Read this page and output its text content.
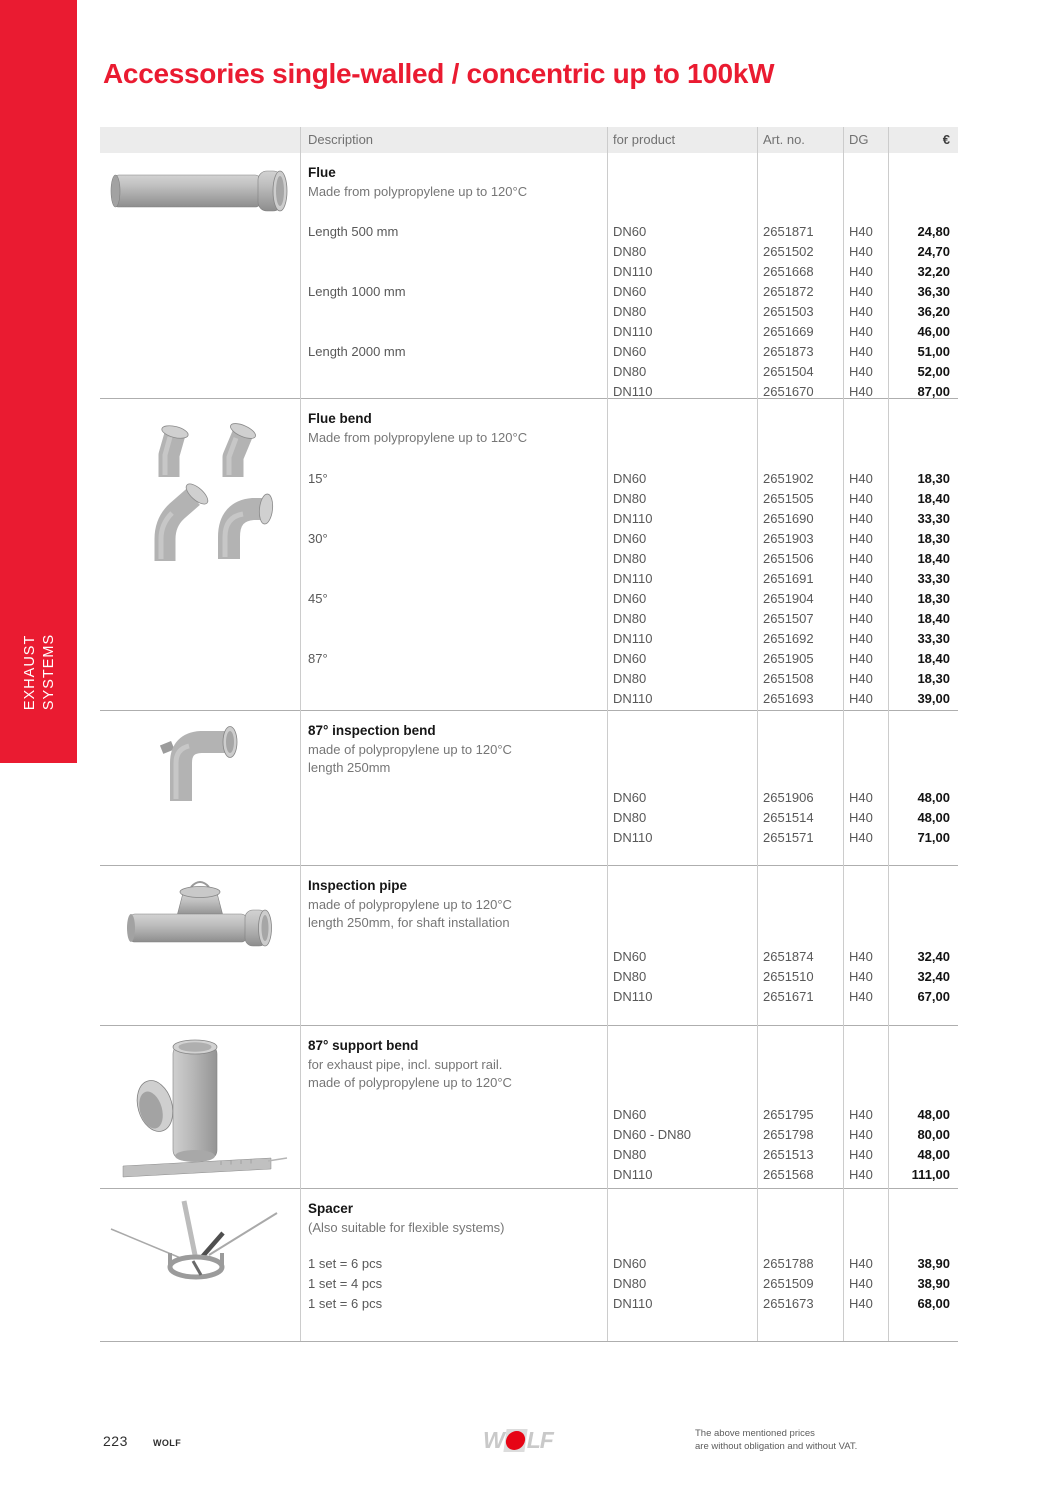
EXHAUST SYSTEMS
Accessories single-walled / concentric up to 100kW
Description	for product	Art. no.	DG	€
Flue
Made from polypropylene up to 120°C
Length 500 mm	DN60	2651871	H40	24,80
DN80	2651502	H40	24,70
DN110	2651668	H40	32,20
Length 1000 mm	DN60	2651872	H40	36,30
DN80	2651503	H40	36,20
DN110	2651669	H40	46,00
Length 2000 mm	DN60	2651873	H40	51,00
DN80	2651504	H40	52,00
DN110	2651670	H40	87,00
Flue bend
Made from polypropylene up to 120°C
15°	DN60	2651902	H40	18,30
DN80	2651505	H40	18,40
DN110	2651690	H40	33,30
30°	DN60	2651903	H40	18,30
DN80	2651506	H40	18,40
DN110	2651691	H40	33,30
45°	DN60	2651904	H40	18,30
DN80	2651507	H40	18,40
DN110	2651692	H40	33,30
87°	DN60	2651905	H40	18,40
DN80	2651508	H40	18,30
DN110	2651693	H40	39,00
87° inspection bend
made of polypropylene up to 120°C
length 250mm
DN60	2651906	H40	48,00
DN80	2651514	H40	48,00
DN110	2651571	H40	71,00
Inspection pipe
made of polypropylene up to 120°C
length 250mm, for shaft installation
DN60	2651874	H40	32,40
DN80	2651510	H40	32,40
DN110	2651671	H40	67,00
87° support bend
for exhaust pipe, incl. support rail.
made of polypropylene up to 120°C
DN60	2651795	H40	48,00
DN60 - DN80	2651798	H40	80,00
DN80	2651513	H40	48,00
DN110	2651568	H40	111,00
Spacer
(Also suitable for flexible systems)
1 set = 6 pcs	DN60	2651788	H40	38,90
1 set = 4 pcs	DN80	2651509	H40	38,90
1 set = 6 pcs	DN110	2651673	H40	68,00
223	WOLF	W LF	The above mentioned prices
are without obligation and without VAT.
